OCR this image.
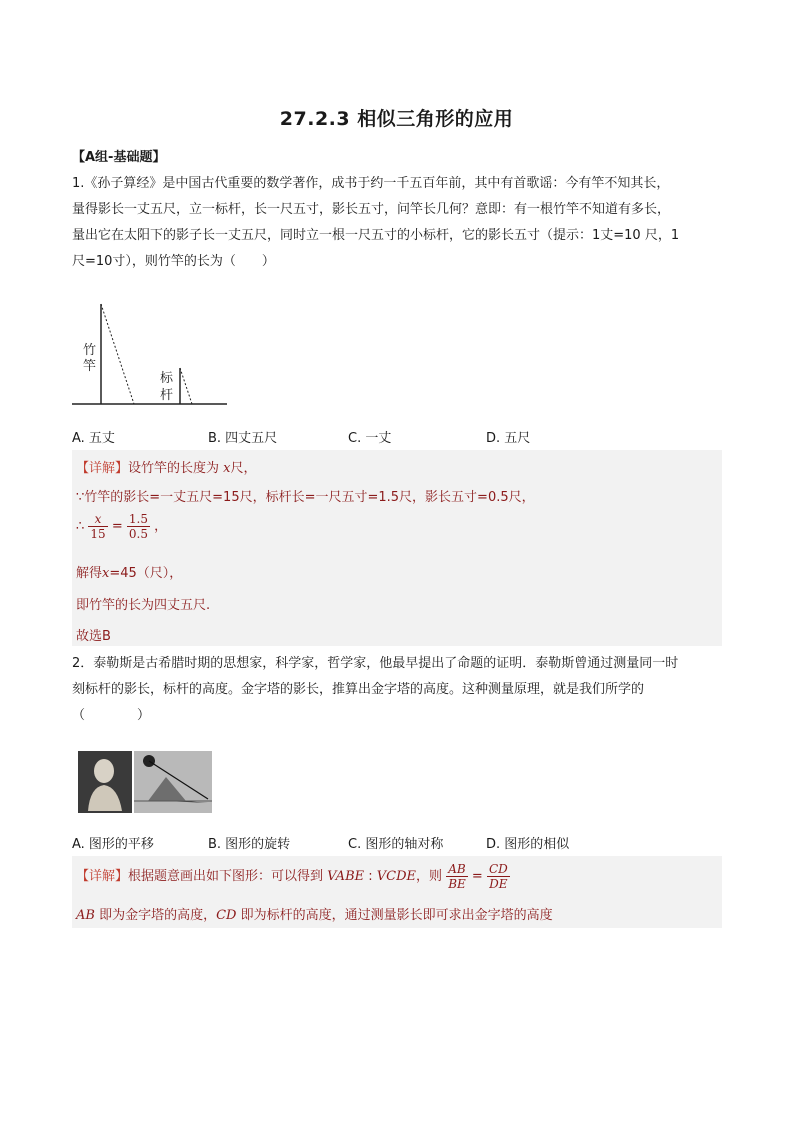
27.2.3 相似三角形的应用
【A组-基础题】
1.《孙子算经》是中国古代重要的数学著作，成书于约一千五百年前，其中有首歌谣：今有竿不知其长，
量得影长一丈五尺，立一标杆，长一尺五寸，影长五寸，问竿长几何？意即：有一根竹竿不知道有多长，
量出它在太阳下的影子长一丈五尺，同时立一根一尺五寸的小标杆，它的影长五寸（提示：1丈=10 尺，1
尺=10寸），则竹竿的长为（　　）
竹
竿
标
杆
A. 五丈	B. 四丈五尺	C. 一丈	D. 五尺
【详解】设竹竿的长度为 x尺，
∵竹竿的影长=一丈五尺=15尺，标杆长=一尺五寸=1.5尺，影长五寸=0.5尺，
∴ $\frac{x}{15} = \frac{1.5}{0.5}$ ，
解得x=45（尺），
即竹竿的长为四丈五尺.
故选B
2．泰勒斯是古希腊时期的思想家，科学家，哲学家，他最早提出了命题的证明．泰勒斯曾通过测量同一时
刻标杆的影长，标杆的高度。金字塔的影长，推算出金字塔的高度。这种测量原理，就是我们所学的
（　　　　）
A. 图形的平移	B. 图形的旋转	C. 图形的轴对称	D. 图形的相似
【详解】根据题意画出如下图形：可以得到 VABE : VCDE，则 $\frac{AB}{BE} = \frac{CD}{DE}$
AB 即为金字塔的高度，CD 即为标杆的高度，通过测量影长即可求出金字塔的高度
